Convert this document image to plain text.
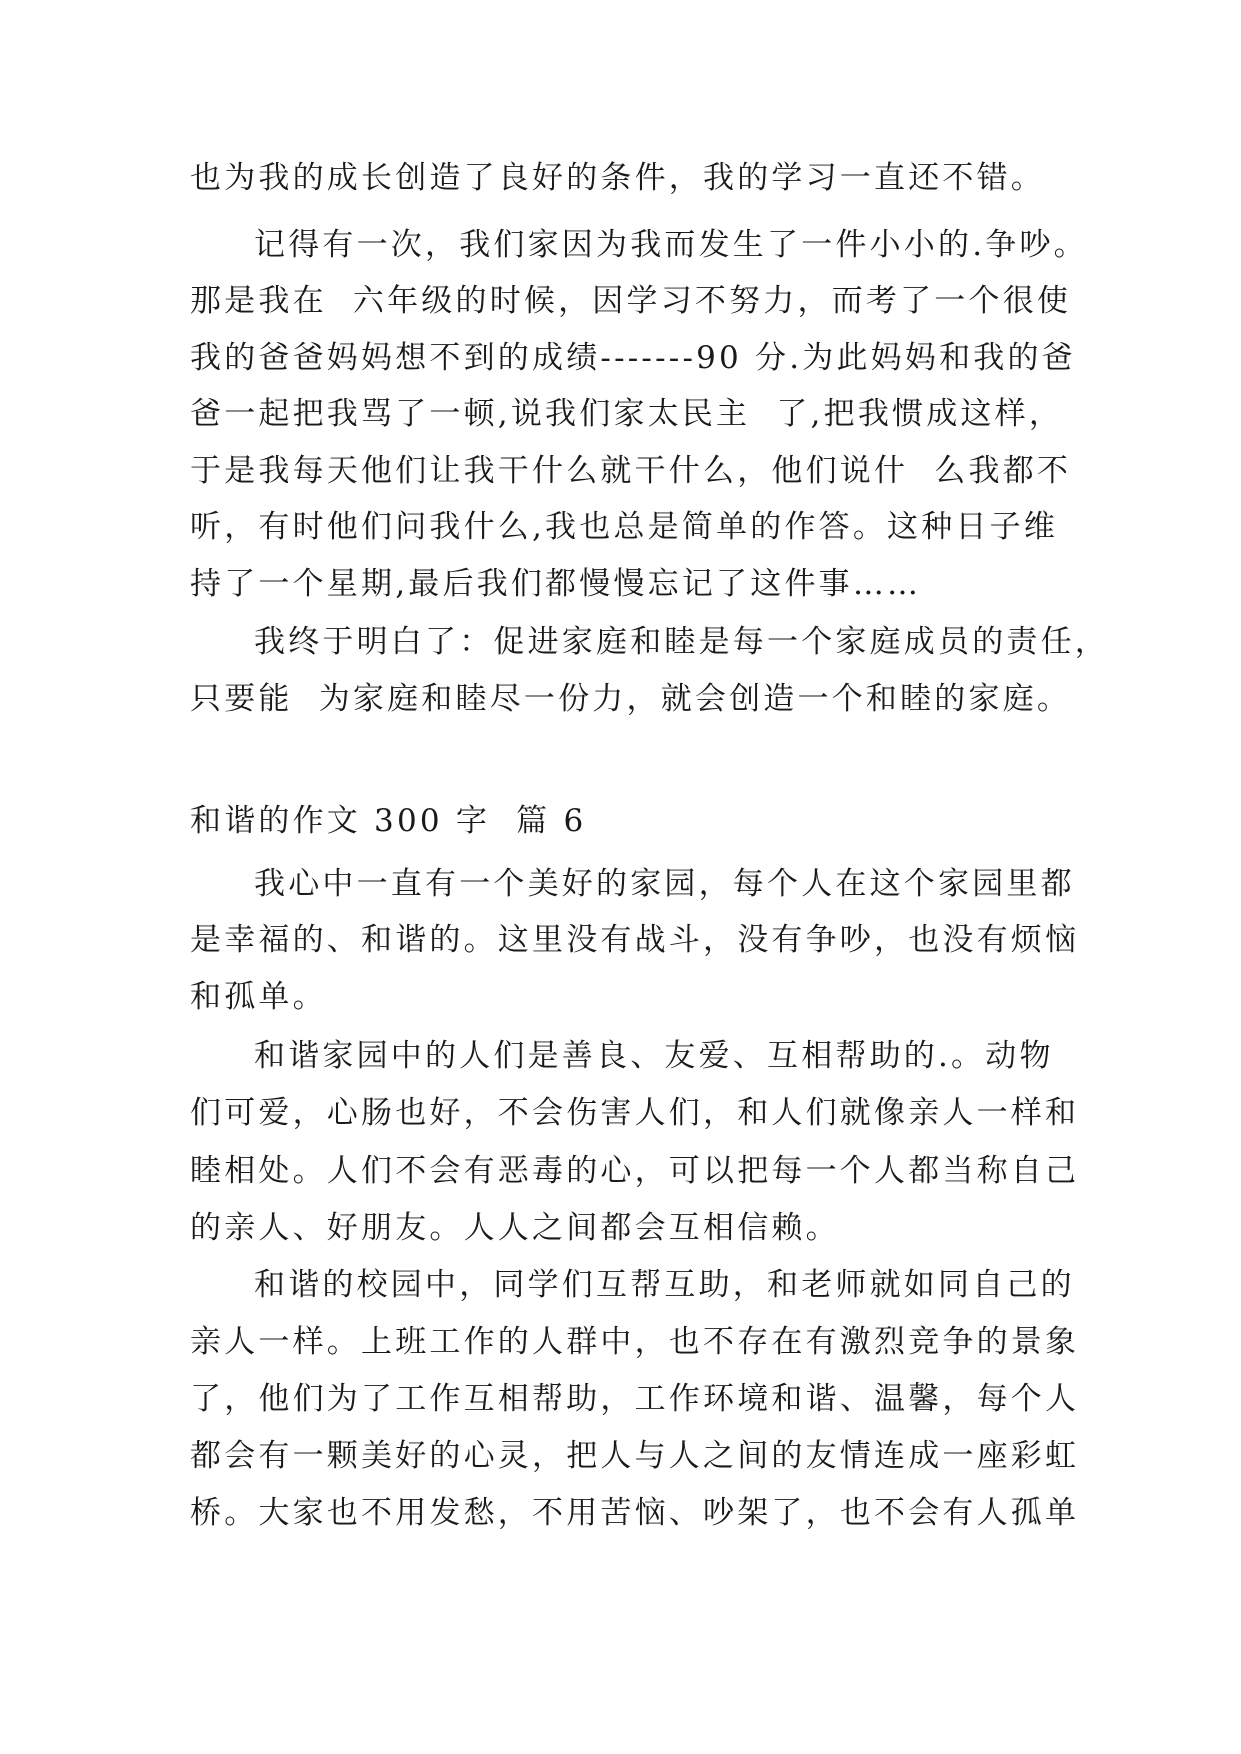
也为我的成长创造了良好的条件，我的学习一直还不错。
记得有一次，我们家因为我而发生了一件小小的.争吵。
那是我在  六年级的时候，因学习不努力，而考了一个很使
我的爸爸妈妈想不到的成绩-------90 分.为此妈妈和我的爸
爸一起把我骂了一顿,说我们家太民主  了,把我惯成这样，
于是我每天他们让我干什么就干什么，他们说什  么我都不
听，有时他们问我什么,我也总是简单的作答。这种日子维
持了一个星期,最后我们都慢慢忘记了这件事……
我终于明白了：促进家庭和睦是每一个家庭成员的责任，
只要能  为家庭和睦尽一份力，就会创造一个和睦的家庭。
和谐的作文 300 字  篇 6
我心中一直有一个美好的家园，每个人在这个家园里都
是幸福的、和谐的。这里没有战斗，没有争吵，也没有烦恼
和孤单。
和谐家园中的人们是善良、友爱、互相帮助的.。动物
们可爱，心肠也好，不会伤害人们，和人们就像亲人一样和
睦相处。人们不会有恶毒的心，可以把每一个人都当称自己
的亲人、好朋友。人人之间都会互相信赖。
和谐的校园中，同学们互帮互助，和老师就如同自己的
亲人一样。上班工作的人群中，也不存在有激烈竞争的景象
了，他们为了工作互相帮助，工作环境和谐、温馨，每个人
都会有一颗美好的心灵，把人与人之间的友情连成一座彩虹
桥。大家也不用发愁，不用苦恼、吵架了，也不会有人孤单
